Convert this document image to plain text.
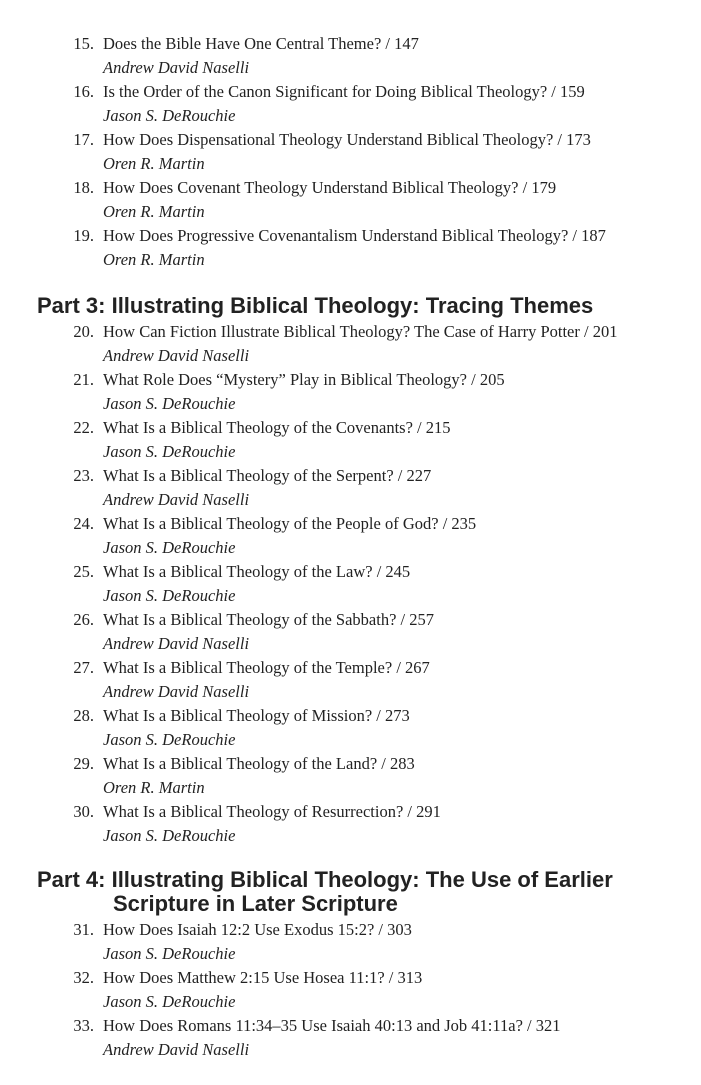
15. Does the Bible Have One Central Theme? / 147
Andrew David Naselli
16. Is the Order of the Canon Significant for Doing Biblical Theology? / 159
Jason S. DeRouchie
17. How Does Dispensational Theology Understand Biblical Theology? / 173
Oren R. Martin
18. How Does Covenant Theology Understand Biblical Theology? / 179
Oren R. Martin
19. How Does Progressive Covenantalism Understand Biblical Theology? / 187
Oren R. Martin
Part 3: Illustrating Biblical Theology: Tracing Themes
20. How Can Fiction Illustrate Biblical Theology? The Case of Harry Potter / 201
Andrew David Naselli
21. What Role Does “Mystery” Play in Biblical Theology? / 205
Jason S. DeRouchie
22. What Is a Biblical Theology of the Covenants? / 215
Jason S. DeRouchie
23. What Is a Biblical Theology of the Serpent? / 227
Andrew David Naselli
24. What Is a Biblical Theology of the People of God? / 235
Jason S. DeRouchie
25. What Is a Biblical Theology of the Law? / 245
Jason S. DeRouchie
26. What Is a Biblical Theology of the Sabbath? / 257
Andrew David Naselli
27. What Is a Biblical Theology of the Temple? / 267
Andrew David Naselli
28. What Is a Biblical Theology of Mission? / 273
Jason S. DeRouchie
29. What Is a Biblical Theology of the Land? / 283
Oren R. Martin
30. What Is a Biblical Theology of Resurrection? / 291
Jason S. DeRouchie
Part 4: Illustrating Biblical Theology: The Use of Earlier
Scripture in Later Scripture
31. How Does Isaiah 12:2 Use Exodus 15:2? / 303
Jason S. DeRouchie
32. How Does Matthew 2:15 Use Hosea 11:1? / 313
Jason S. DeRouchie
33. How Does Romans 11:34–35 Use Isaiah 40:13 and Job 41:11a? / 321
Andrew David Naselli
